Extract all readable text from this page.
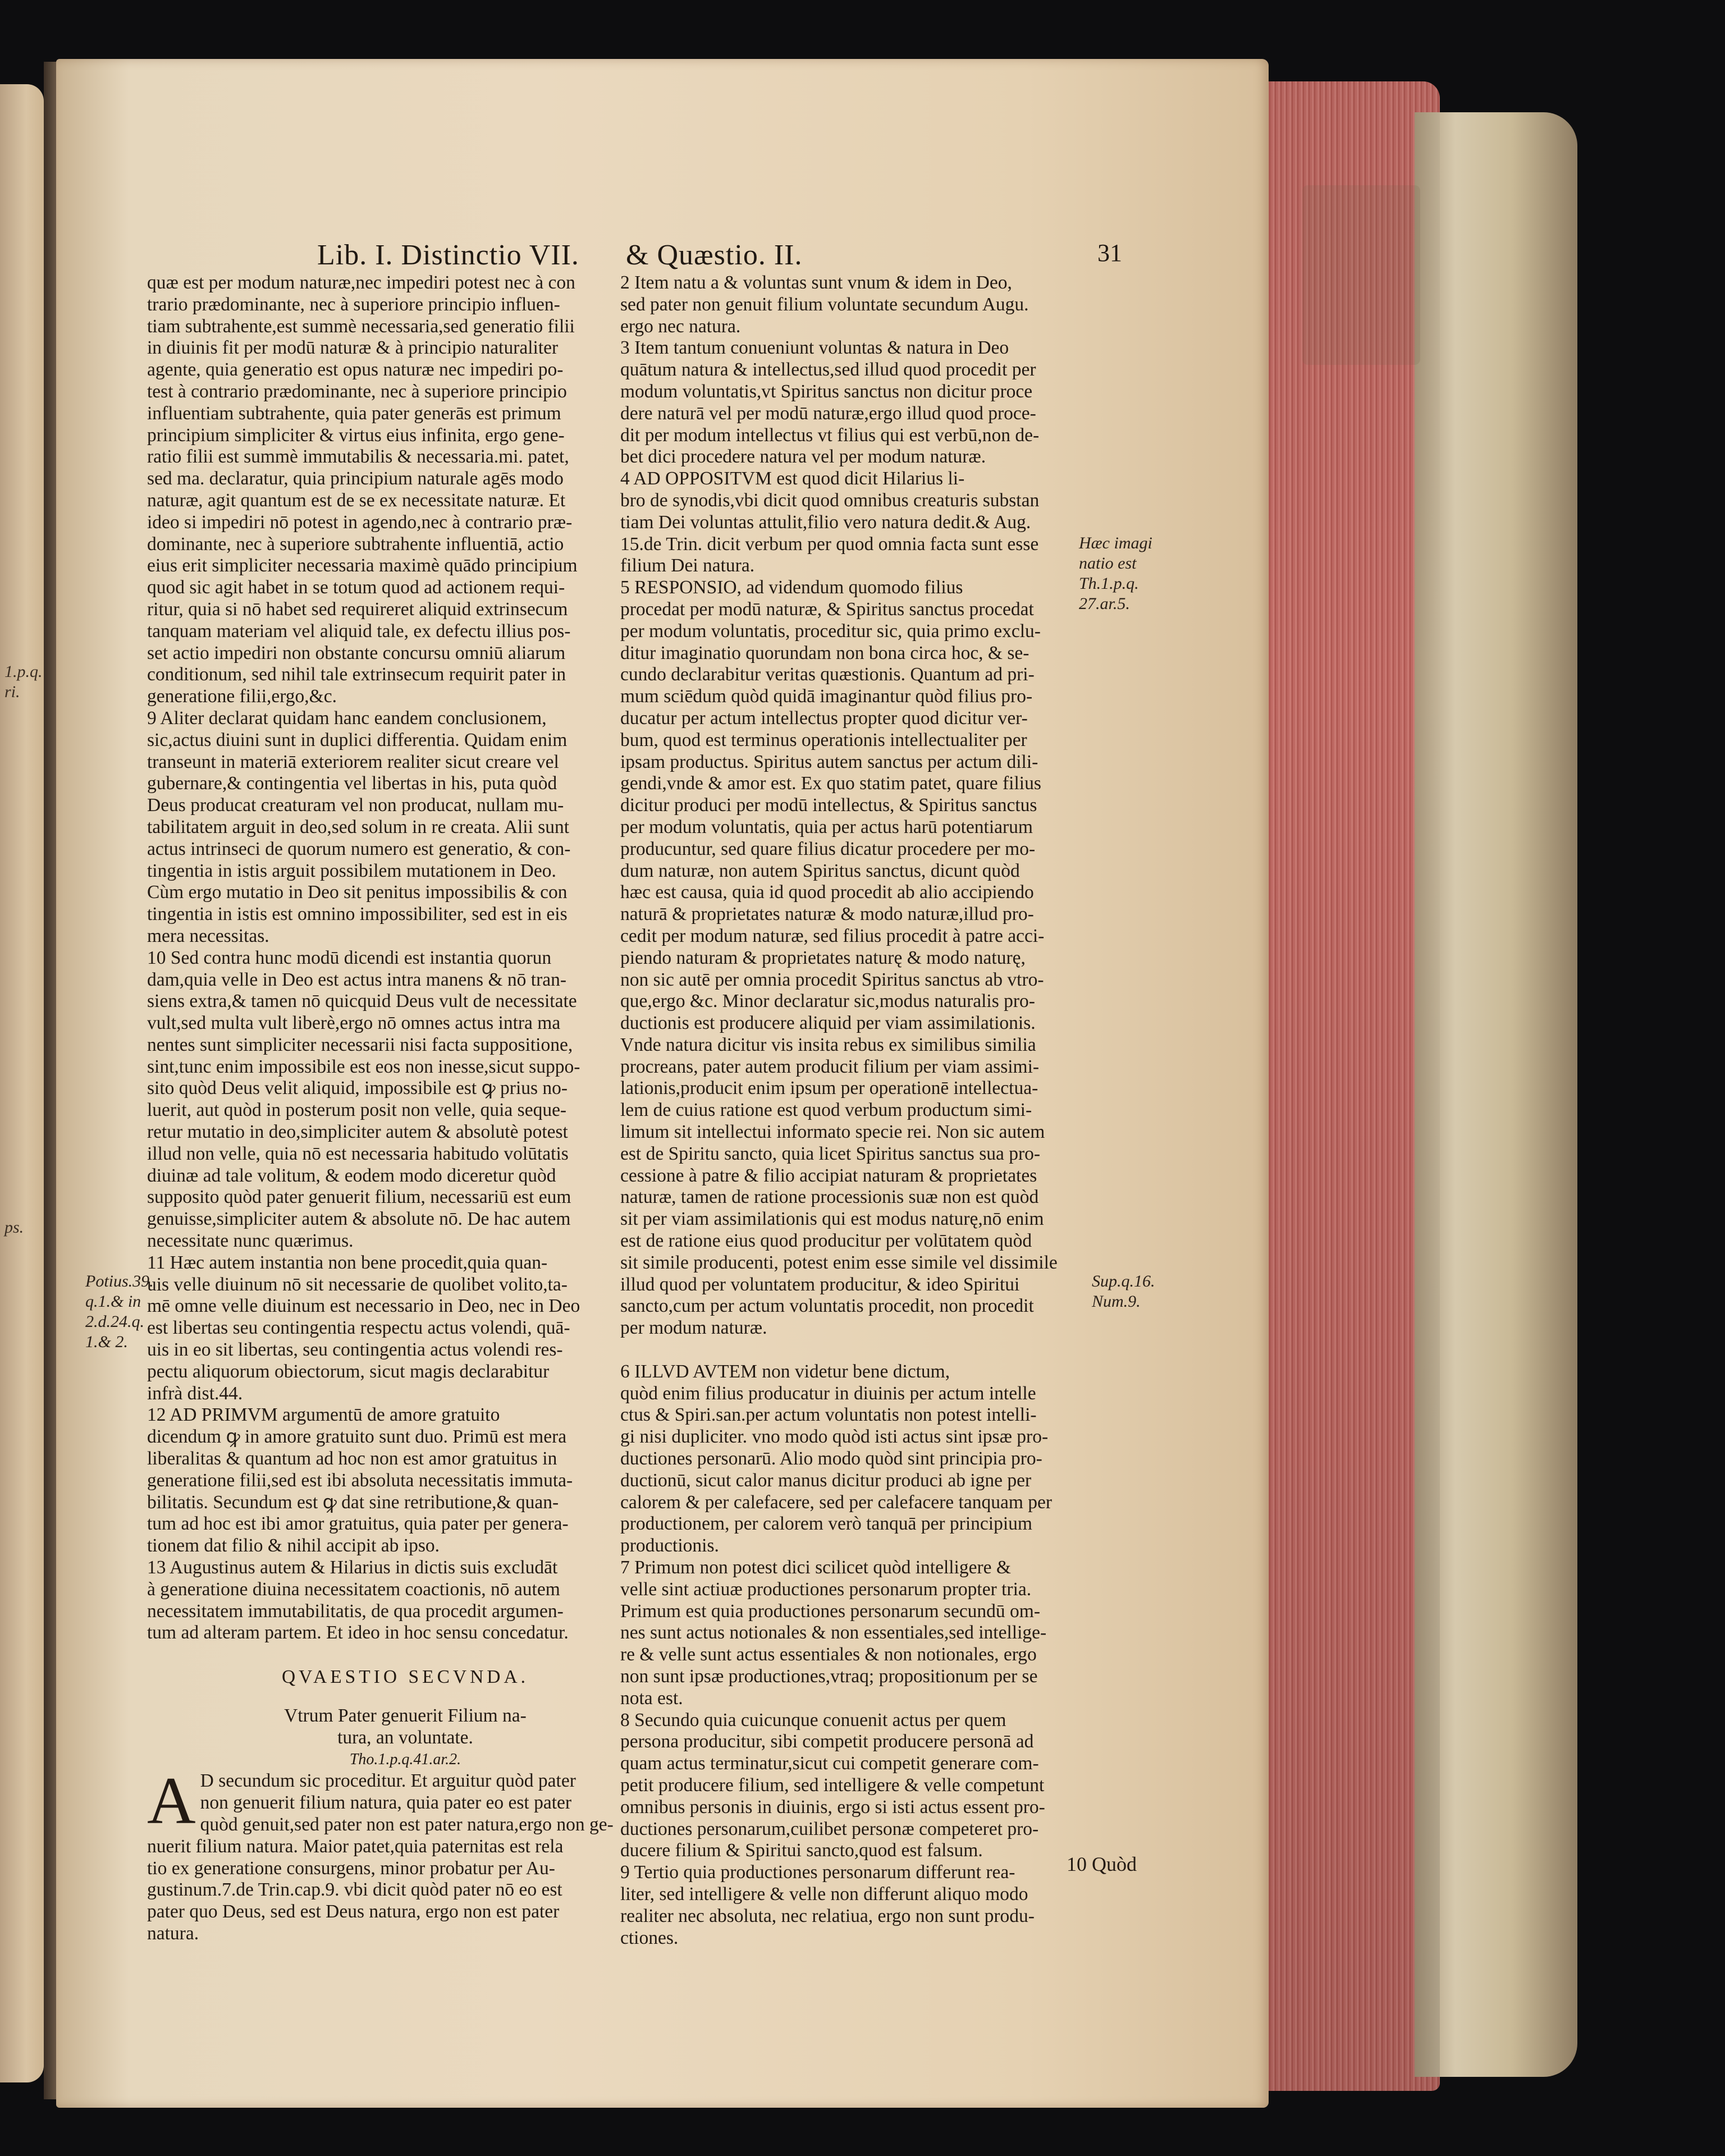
1.p.q.
ri.
ps.
Lib. I. Distinctio VII. & Quæstio. II.	31
quæ est per modum naturæ,nec impediri potest nec à con
trario prædominante, nec à superiore principio influen-
tiam subtrahente,est summè necessaria,sed generatio filii
in diuinis fit per modū naturæ & à principio naturaliter
agente, quia generatio est opus naturæ nec impediri po-
test à contrario prædominante, nec à superiore principio
influentiam subtrahente, quia pater generās est primum
principium simpliciter & virtus eius infinita, ergo gene-
ratio filii est summè immutabilis & necessaria.mi. patet,
sed ma. declaratur, quia principium naturale agēs modo
naturæ, agit quantum est de se ex necessitate naturæ. Et
ideo si impediri nō potest in agendo,nec à contrario præ-
dominante, nec à superiore subtrahente influentiā, actio
eius erit simpliciter necessaria maximè quādo principium
quod sic agit habet in se totum quod ad actionem requi-
ritur, quia si nō habet sed requireret aliquid extrinsecum
tanquam materiam vel aliquid tale, ex defectu illius pos-
set actio impediri non obstante concursu omniū aliarum
conditionum, sed nihil tale extrinsecum requirit pater in
generatione filii,ergo,&c.
9 Aliter declarat quidam hanc eandem conclusionem,
sic,actus diuini sunt in duplici differentia. Quidam enim
transeunt in materiā exteriorem realiter sicut creare vel
gubernare,& contingentia vel libertas in his, puta quòd
Deus producat creaturam vel non producat, nullam mu-
tabilitatem arguit in deo,sed solum in re creata. Alii sunt
actus intrinseci de quorum numero est generatio, & con-
tingentia in istis arguit possibilem mutationem in Deo.
Cùm ergo mutatio in Deo sit penitus impossibilis & con
tingentia in istis est omnino impossibiliter, sed est in eis
mera necessitas.
10 Sed contra hunc modū dicendi est instantia quorun
dam,quia velle in Deo est actus intra manens & nō tran-
siens extra,& tamen nō quicquid Deus vult de necessitate
vult,sed multa vult liberè,ergo nō omnes actus intra ma
nentes sunt simpliciter necessarii nisi facta suppositione,
sint,tunc enim impossibile est eos non inesse,sicut suppo-
sito quòd Deus velit aliquid, impossibile est ꝙ prius no-
luerit, aut quòd in posterum posit non velle, quia seque-
retur mutatio in deo,simpliciter autem & absolutè potest
illud non velle, quia nō est necessaria habitudo volūtatis
diuinæ ad tale volitum, & eodem modo diceretur quòd
supposito quòd pater genuerit filium, necessariū est eum
genuisse,simpliciter autem & absolute nō. De hac autem
necessitate nunc quærimus.
11 Hæc autem instantia non bene procedit,quia quan-
uis velle diuinum nō sit necessarie de quolibet volito,ta-
mē omne velle diuinum est necessario in Deo, nec in Deo
est libertas seu contingentia respectu actus volendi, quā-
uis in eo sit libertas, seu contingentia actus volendi res-
pectu aliquorum obiectorum, sicut magis declarabitur
infrà dist.44.
12 AD PRIMVM argumentū de amore gratuito
dicendum ꝙ in amore gratuito sunt duo. Primū est mera
liberalitas & quantum ad hoc non est amor gratuitus in
generatione filii,sed est ibi absoluta necessitatis immuta-
bilitatis. Secundum est ꝙ dat sine retributione,& quan-
tum ad hoc est ibi amor gratuitus, quia pater per genera-
tionem dat filio & nihil accipit ab ipso.
13 Augustinus autem & Hilarius in dictis suis excludāt
à generatione diuina necessitatem coactionis, nō autem
necessitatem immutabilitatis, de qua procedit argumen-
tum ad alteram partem. Et ideo in hoc sensu concedatur.
QVAESTIO SECVNDA.
Vtrum Pater genuerit Filium na-
tura, an voluntate.
Tho.1.p.q.41.ar.2.
A D secundum sic proceditur. Et arguitur quòd pater
non genuerit filium natura, quia pater eo est pater
quòd genuit,sed pater non est pater natura,ergo non ge-
nuerit filium natura. Maior patet,quia paternitas est rela
tio ex generatione consurgens, minor probatur per Au-
gustinum.7.de Trin.cap.9. vbi dicit quòd pater nō eo est
pater quo Deus, sed est Deus natura, ergo non est pater
natura.
2 Item natu a & voluntas sunt vnum & idem in Deo,
sed pater non genuit filium voluntate secundum Augu.
ergo nec natura.
3 Item tantum conueniunt voluntas & natura in Deo
quātum natura & intellectus,sed illud quod procedit per
modum voluntatis,vt Spiritus sanctus non dicitur proce
dere naturā vel per modū naturæ,ergo illud quod proce-
dit per modum intellectus vt filius qui est verbū,non de-
bet dici procedere natura vel per modum naturæ.
4 AD OPPOSITVM est quod dicit Hilarius li-
bro de synodis,vbi dicit quod omnibus creaturis substan
tiam Dei voluntas attulit,filio vero natura dedit.& Aug.
15.de Trin. dicit verbum per quod omnia facta sunt esse
filium Dei natura.
5 RESPONSIO, ad videndum quomodo filius
procedat per modū naturæ, & Spiritus sanctus procedat
per modum voluntatis, proceditur sic, quia primo exclu-
ditur imaginatio quorundam non bona circa hoc, & se-
cundo declarabitur veritas quæstionis. Quantum ad pri-
mum sciēdum quòd quidā imaginantur quòd filius pro-
ducatur per actum intellectus propter quod dicitur ver-
bum, quod est terminus operationis intellectualiter per
ipsam productus. Spiritus autem sanctus per actum dili-
gendi,vnde & amor est. Ex quo statim patet, quare filius
dicitur produci per modū intellectus, & Spiritus sanctus
per modum voluntatis, quia per actus harū potentiarum
producuntur, sed quare filius dicatur procedere per mo-
dum naturæ, non autem Spiritus sanctus, dicunt quòd
hæc est causa, quia id quod procedit ab alio accipiendo
naturā & proprietates naturæ & modo naturæ,illud pro-
cedit per modum naturæ, sed filius procedit à patre acci-
piendo naturam & proprietates naturę & modo naturę,
non sic autē per omnia procedit Spiritus sanctus ab vtro-
que,ergo &c. Minor declaratur sic,modus naturalis pro-
ductionis est producere aliquid per viam assimilationis.
Vnde natura dicitur vis insita rebus ex similibus similia
procreans, pater autem producit filium per viam assimi-
lationis,producit enim ipsum per operationē intellectua-
lem de cuius ratione est quod verbum productum simi-
limum sit intellectui informato specie rei. Non sic autem
est de Spiritu sancto, quia licet Spiritus sanctus sua pro-
cessione à patre & filio accipiat naturam & proprietates
naturæ, tamen de ratione processionis suæ non est quòd
sit per viam assimilationis qui est modus naturę,nō enim
est de ratione eius quod producitur per volūtatem quòd
sit simile producenti, potest enim esse simile vel dissimile
illud quod per voluntatem producitur, & ideo Spiritui
sancto,cum per actum voluntatis procedit, non procedit
per modum naturæ.

6 ILLVD AVTEM non videtur bene dictum,
quòd enim filius producatur in diuinis per actum intelle
ctus & Spiri.san.per actum voluntatis non potest intelli-
gi nisi dupliciter. vno modo quòd isti actus sint ipsæ pro-
ductiones personarū. Alio modo quòd sint principia pro-
ductionū, sicut calor manus dicitur produci ab igne per
calorem & per calefacere, sed per calefacere tanquam per
productionem, per calorem verò tanquā per principium
productionis.
7 Primum non potest dici scilicet quòd intelligere &
velle sint actiuæ productiones personarum propter tria.
Primum est quia productiones personarum secundū om-
nes sunt actus notionales & non essentiales,sed intellige-
re & velle sunt actus essentiales & non notionales, ergo
non sunt ipsæ productiones,vtraq; propositionum per se
nota est.
8 Secundo quia cuicunque conuenit actus per quem
persona producitur, sibi competit producere personā ad
quam actus terminatur,sicut cui competit generare com-
petit producere filium, sed intelligere & velle competunt
omnibus personis in diuinis, ergo si isti actus essent pro-
ductiones personarum,cuilibet personæ competeret pro-
ducere filium & Spiritui sancto,quod est falsum.
9 Tertio quia productiones personarum differunt rea-
liter, sed intelligere & velle non differunt aliquo modo
realiter nec absoluta, nec relatiua, ergo non sunt produ-
ctiones.
Potius.39.
q.1.& in
2.d.24.q.
1.& 2.
Hæc imagi
natio est
Th.1.p.q.
27.ar.5.
Sup.q.16.
Num.9.
10 Quòd
